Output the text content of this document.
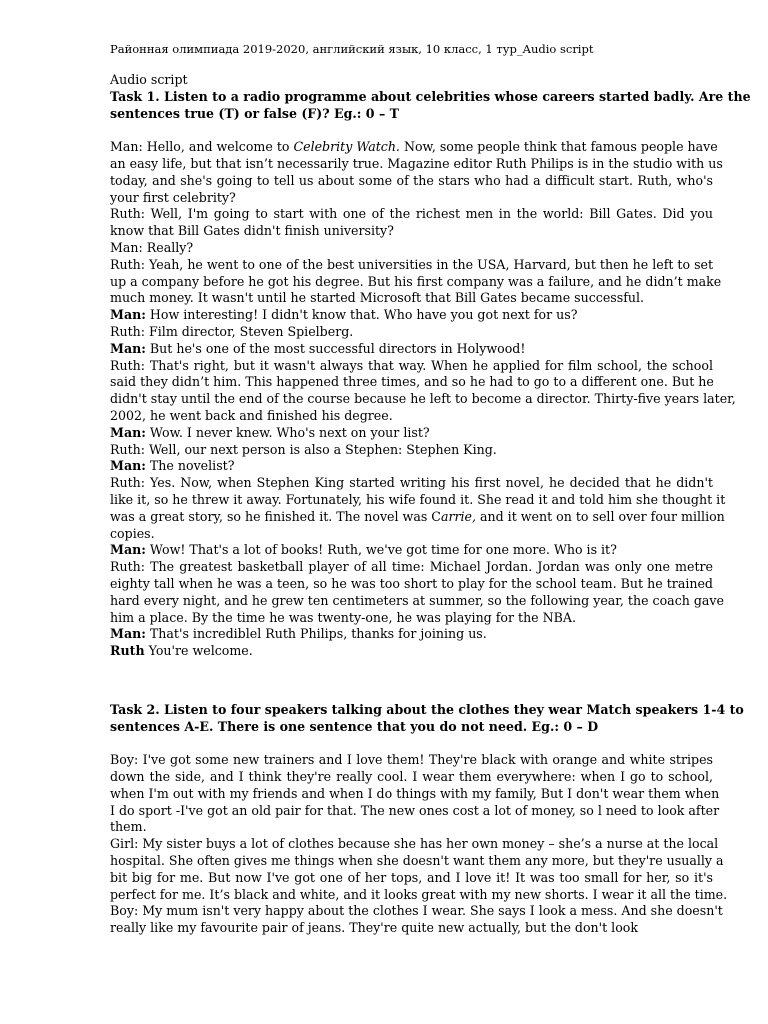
Районная олимпиада 2019-2020, английский язык, 10 класс, 1 тур_Audio script
Audio script
Task 1. Listen to a radio programme about celebrities whose careers started badly. Are the
sentences true (T) or false (F)? Eg.: 0 – T
Man: Hello, and welcome to Celebrity Watch. Now, some people think that famous people have
an easy life, but that isn’t necessarily true. Magazine editor Ruth Philips is in the studio with us
today, and she's going to tell us about some of the stars who had a difficult start. Ruth, who's
your first celebrity?
Ruth: Well, I'm going to start with one of the richest men in the world: Bill Gates. Did you
know that Bill Gates didn't finish university?
Man: Really?
Ruth: Yeah, he went to one of the best universities in the USA, Harvard, but then he left to set
up a company before he got his degree. But his first company was a failure, and he didn’t make
much money. It wasn't until he started Microsoft that Bill Gates became successful.
Man: How interesting! I didn't know that. Who have you got next for us?
Ruth: Film director, Steven Spielberg.
Man: But he's one of the most successful directors in Holywood!
Ruth: That's right, but it wasn't always that way. When he applied for film school, the school
said they didn’t him. This happened three times, and so he had to go to a different one. But he
didn't stay until the end of the course because he left to become a director. Thirty-five years later,
2002, he went back and finished his degree.
Man: Wow. I never knew. Who's next on your list?
Ruth: Well, our next person is also a Stephen: Stephen King.
Man: The novelist?
Ruth: Yes. Now, when Stephen King started writing his first novel, he decided that he didn't
like it, so he threw it away. Fortunately, his wife found it. She read it and told him she thought it
was a great story, so he finished it. The novel was Carrie, and it went on to sell over four million
copies.
Man: Wow! That's a lot of books! Ruth, we've got time for one more. Who is it?
Ruth: The greatest basketball player of all time: Michael Jordan. Jordan was only one metre
eighty tall when he was a teen, so he was too short to play for the school team. But he trained
hard every night, and he grew ten centimeters at summer, so the following year, the coach gave
him a place. By the time he was twenty-one, he was playing for the NBA.
Man: That's incrediblel Ruth Philips, thanks for joining us.
Ruth You're welcome.
Task 2. Listen to four speakers talking about the clothes they wear Match speakers 1-4 to
sentences A-E. There is one sentence that you do not need. Eg.: 0 – D
Boy: I've got some new trainers and I love them! They're black with orange and white stripes
down the side, and I think they're really cool. I wear them everywhere: when I go to school,
when I'm out with my friends and when I do things with my family, But I don't wear them when
I do sport -I've got an old pair for that. The new ones cost a lot of money, so l need to look after
them.
Girl: My sister buys a lot of clothes because she has her own money – she’s a nurse at the local
hospital. She often gives me things when she doesn't want them any more, but they're usually a
bit big for me. But now I've got one of her tops, and I love it! It was too small for her, so it's
perfect for me. It’s black and white, and it looks great with my new shorts. I wear it all the time.
Boy: My mum isn't very happy about the clothes I wear. She says I look a mess. And she doesn't
really like my favourite pair of jeans. They're quite new actually, but the don't look
